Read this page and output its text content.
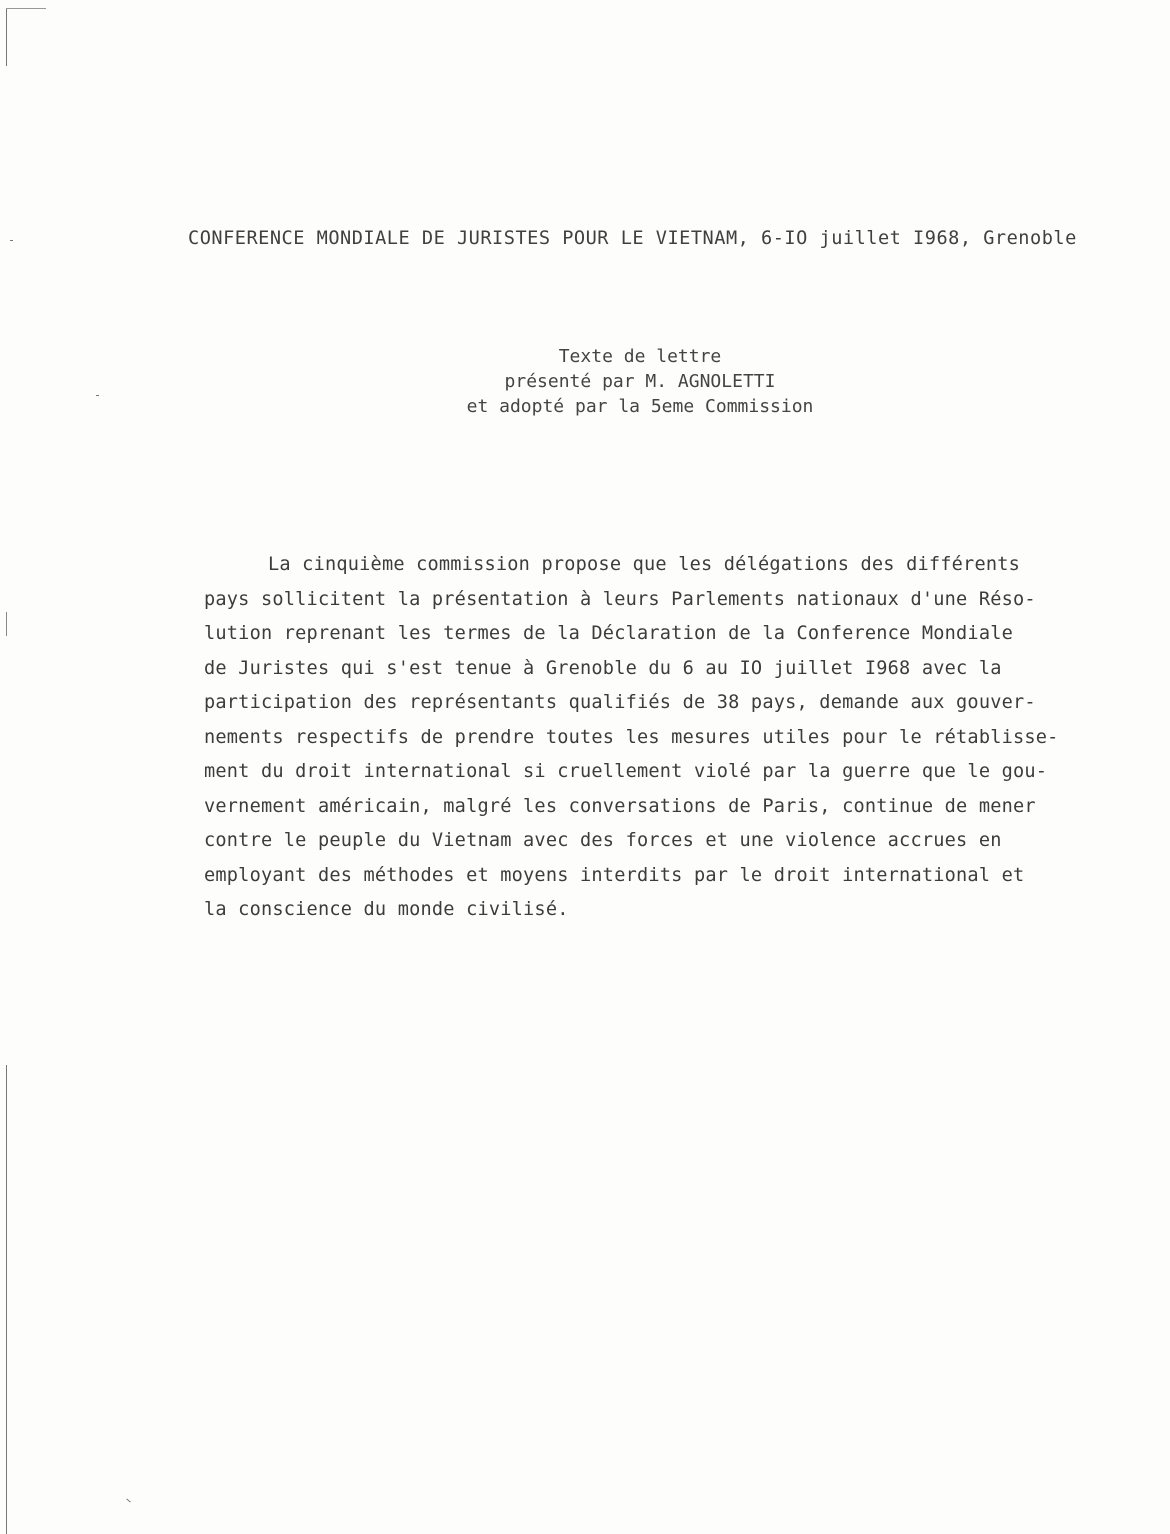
CONFERENCE MONDIALE DE JURISTES POUR LE VIETNAM, 6-IO juillet I968, Grenoble
Texte de lettre
présenté par M. AGNOLETTI
et adopté par la 5eme Commission
La cinquième commission propose que les délégations des différents
pays sollicitent la présentation à leurs Parlements nationaux d'une Réso-
lution reprenant les termes de la Déclaration de la Conference Mondiale
de Juristes qui s'est tenue à Grenoble du 6 au IO juillet I968 avec la
participation des représentants qualifiés de 38 pays, demande aux gouver-
nements respectifs de prendre toutes les mesures utiles pour le rétablisse-
ment du droit international si cruellement violé par la guerre que le gou-
vernement américain, malgré les conversations de Paris, continue de mener
contre le peuple du Vietnam avec des forces et une violence accrues en
employant des méthodes et moyens interdits par le droit international et
la conscience du monde civilisé.
